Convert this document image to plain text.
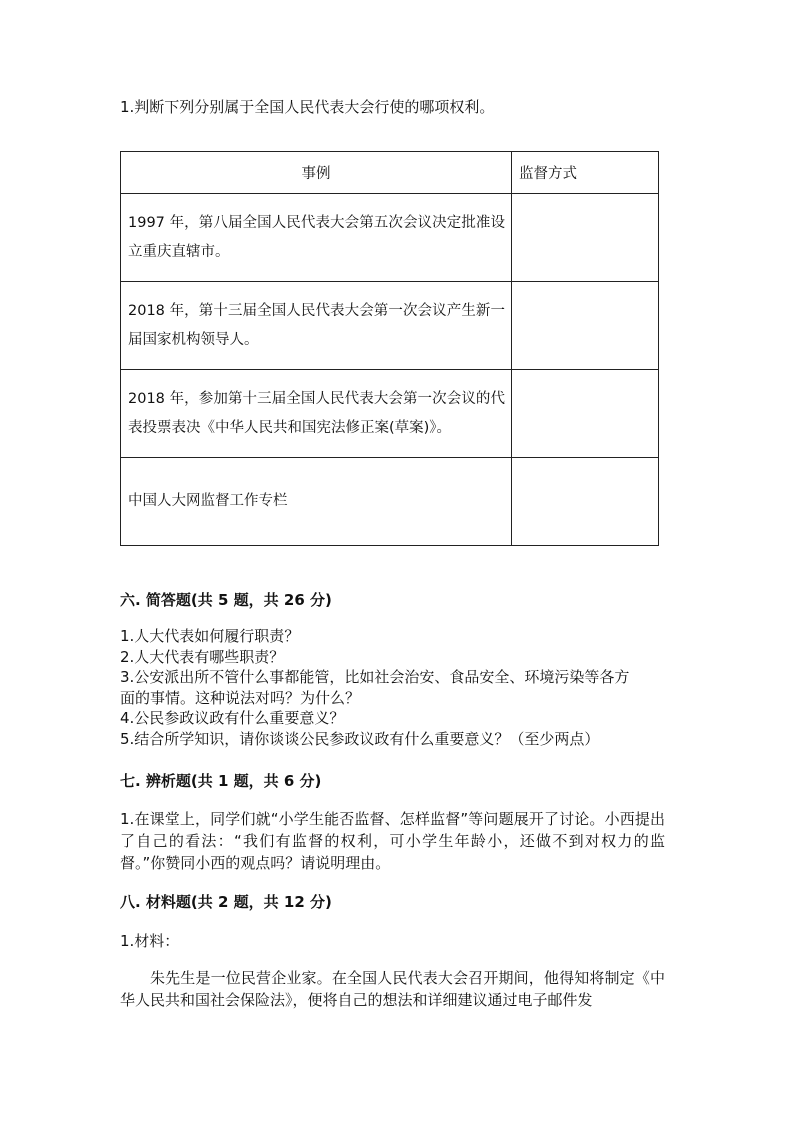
1.判断下列分别属于全国人民代表大会行使的哪项权利。
事例	监督方式
1997 年，第八届全国人民代表大会第五次会议决定批准设立重庆直辖市。	
2018 年，第十三届全国人民代表大会第一次会议产生新一届国家机构领导人。	
2018 年，参加第十三届全国人民代表大会第一次会议的代表投票表决《中华人民共和国宪法修正案(草案)》。	
中国人大网监督工作专栏	
六. 简答题(共 5 题，共 26 分)
1.人大代表如何履行职责？
2.人大代表有哪些职责？
3.公安派出所不管什么事都能管，比如社会治安、食品安全、环境污染等各方
面的事情。这种说法对吗？为什么？
4.公民参政议政有什么重要意义？
5.结合所学知识，请你谈谈公民参政议政有什么重要意义？（至少两点）
七. 辨析题(共 1 题，共 6 分)
1.在课堂上，同学们就“小学生能否监督、怎样监督”等问题展开了讨论。小西提出了自己的看法：“我们有监督的权利，可小学生年龄小，还做不到对权力的监督。”你赞同小西的观点吗？请说明理由。
八. 材料题(共 2 题，共 12 分)
1.材料：
朱先生是一位民营企业家。在全国人民代表大会召开期间，他得知将制定《中华人民共和国社会保险法》，便将自己的想法和详细建议通过电子邮件发
